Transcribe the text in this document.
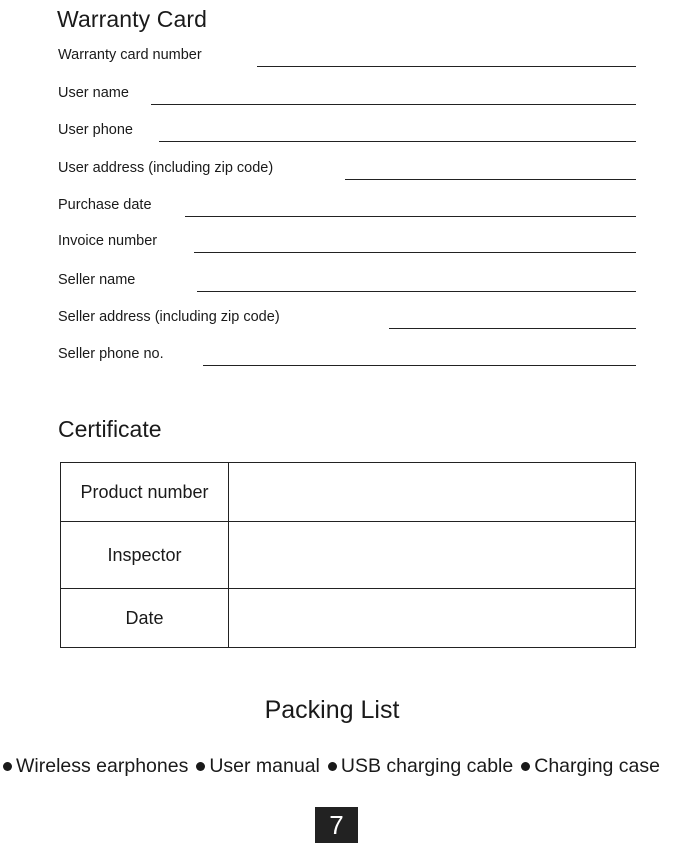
Warranty Card
Warranty card number
User name
User phone
User address (including zip code)
Purchase date
Invoice number
Seller name
Seller address (including zip code)
Seller phone no.
Certificate
Product number	
Inspector	
Date	
Packing List
Wireless earphones User manual USB charging cable Charging case
7
